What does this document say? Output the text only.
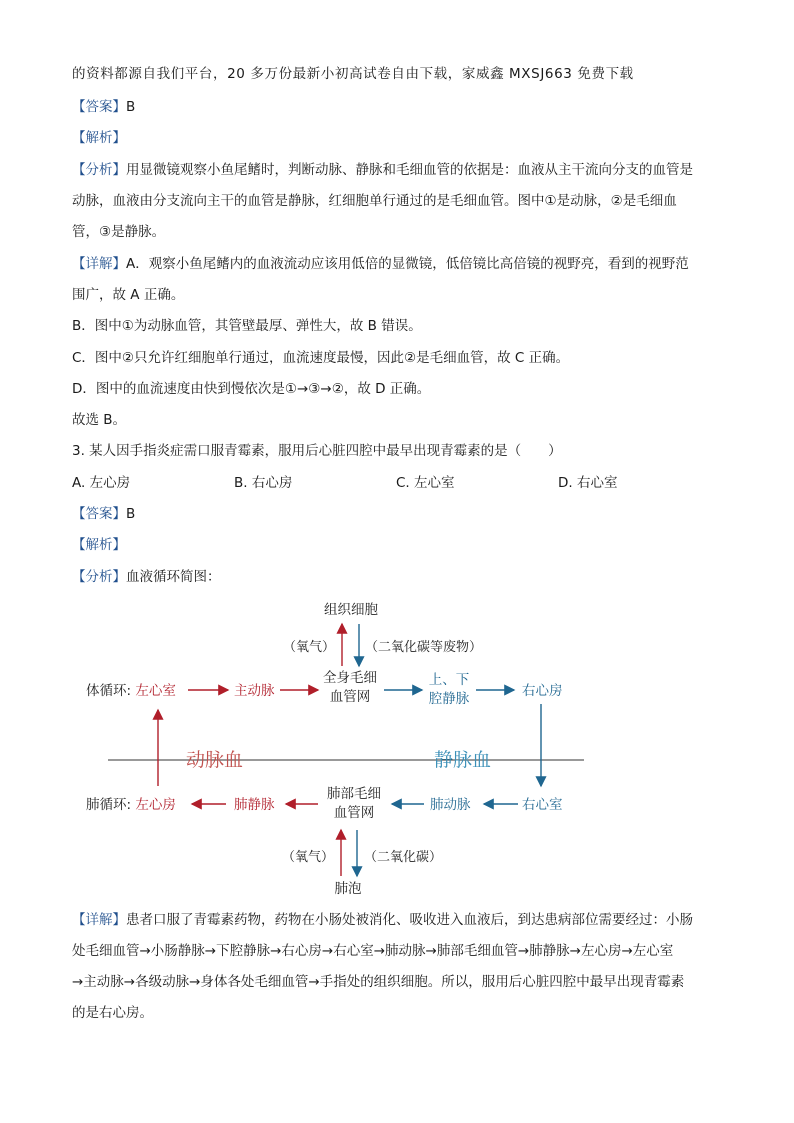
的资料都源自我们平台，20 多万份最新小初高试卷自由下载，家威鑫 MXSJ663 免费下载
【答案】B
【解析】
【分析】用显微镜观察小鱼尾鳍时，判断动脉、静脉和毛细血管的依据是：血液从主干流向分支的血管是
动脉，血液由分支流向主干的血管是静脉，红细胞单行通过的是毛细血管。图中①是动脉，②是毛细血
管，③是静脉。
【详解】A．观察小鱼尾鳍内的血液流动应该用低倍的显微镜，低倍镜比高倍镜的视野亮，看到的视野范
围广，故 A 正确。
B．图中①为动脉血管，其管壁最厚、弹性大，故 B 错误。
C．图中②只允许红细胞单行通过，血流速度最慢，因此②是毛细血管，故 C 正确。
D．图中的血流速度由快到慢依次是①→③→②，故 D 正确。
故选 B。
3. 某人因手指炎症需口服青霉素，服用后心脏四腔中最早出现青霉素的是（　　）
A. 左心房	B. 右心房	C. 左心室	D. 右心室
【答案】B
【解析】
【分析】血液循环简图：
组织细胞
（氧气） （二氧化碳等废物）
体循环: 左心室	主动脉
全身毛细
血管网
上、下
腔静脉	右心房
动脉血	静脉血
肺循环: 左心房	肺静脉
肺部毛细
血管网	肺动脉	右心室
（氧气） （二氧化碳）
肺泡
【详解】患者口服了青霉素药物，药物在小肠处被消化、吸收进入血液后，到达患病部位需要经过：小肠
处毛细血管→小肠静脉→下腔静脉→右心房→右心室→肺动脉→肺部毛细血管→肺静脉→左心房→左心室
→主动脉→各级动脉→身体各处毛细血管→手指处的组织细胞。所以，服用后心脏四腔中最早出现青霉素
的是右心房。
